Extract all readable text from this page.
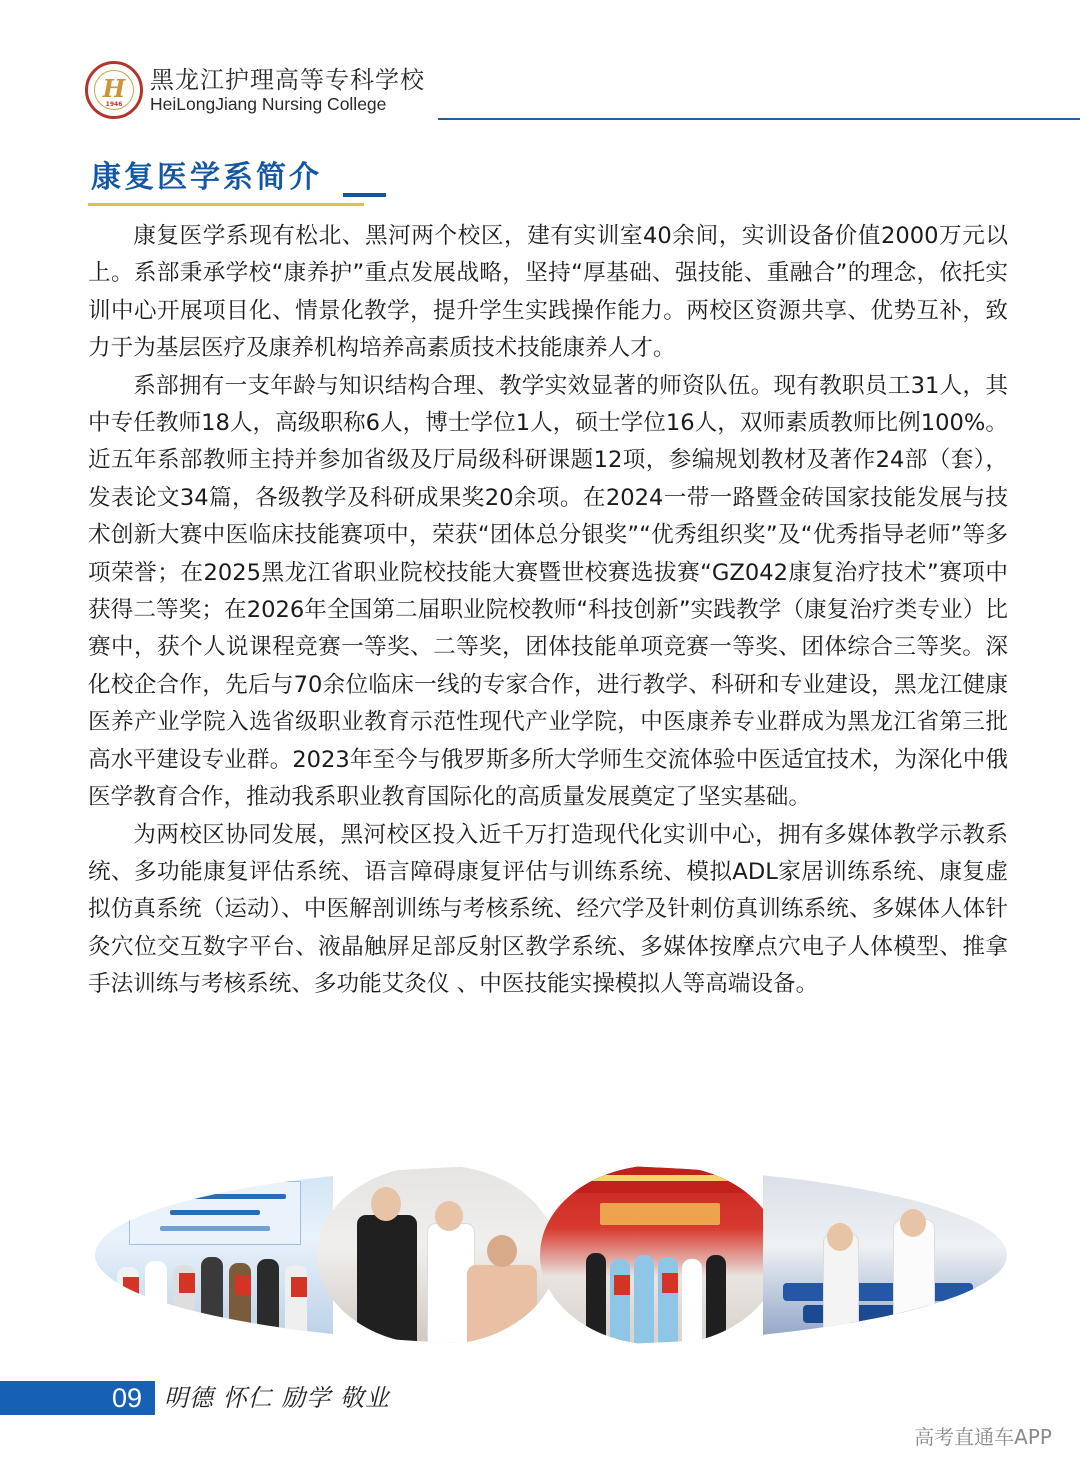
H
1946
黑龙江护理高等专科学校
HeiLongJiang Nursing College
康复医学系简介

康复医学系现有松北、黑河两个校区，建有实训室40余间，实训设备价值2000万元以上。系部秉承学校“康养护”重点发展战略，坚持“厚基础、强技能、重融合”的理念，依托实训中心开展项目化、情景化教学，提升学生实践操作能力。两校区资源共享、优势互补，致力于为基层医疗及康养机构培养高素质技术技能康养人才。

系部拥有一支年龄与知识结构合理、教学实效显著的师资队伍。现有教职员工31人，其中专任教师18人，高级职称6人，博士学位1人，硕士学位16人，双师素质教师比例100%。近五年系部教师主持并参加省级及厅局级科研课题12项，参编规划教材及著作24部（套），发表论文34篇，各级教学及科研成果奖20余项。在2024一带一路暨金砖国家技能发展与技术创新大赛中医临床技能赛项中，荣获“团体总分银奖”“优秀组织奖”及“优秀指导老师”等多项荣誉；在2025黑龙江省职业院校技能大赛暨世校赛选拔赛“GZ042康复治疗技术”赛项中获得二等奖；在2026年全国第二届职业院校教师“科技创新”实践教学（康复治疗类专业）比赛中，获个人说课程竞赛一等奖、二等奖，团体技能单项竞赛一等奖、团体综合三等奖。深化校企合作，先后与70余位临床一线的专家合作，进行教学、科研和专业建设，黑龙江健康医养产业学院入选省级职业教育示范性现代产业学院，中医康养专业群成为黑龙江省第三批高水平建设专业群。2023年至今与俄罗斯多所大学师生交流体验中医适宜技术，为深化中俄医学教育合作，推动我系职业教育国际化的高质量发展奠定了坚实基础。

为两校区协同发展，黑河校区投入近千万打造现代化实训中心，拥有多媒体教学示教系统、多功能康复评估系统、语言障碍康复评估与训练系统、模拟ADL家居训练系统、康复虚拟仿真系统（运动）、中医解剖训练与考核系统、经穴学及针刺仿真训练系统、多媒体人体针灸穴位交互数字平台、液晶触屏足部反射区教学系统、多媒体按摩点穴电子人体模型、推拿手法训练与考核系统、多功能艾灸仪 、中医技能实操模拟人等高端设备。

09 明德 怀仁 励学 敬业
高考直通车APP
